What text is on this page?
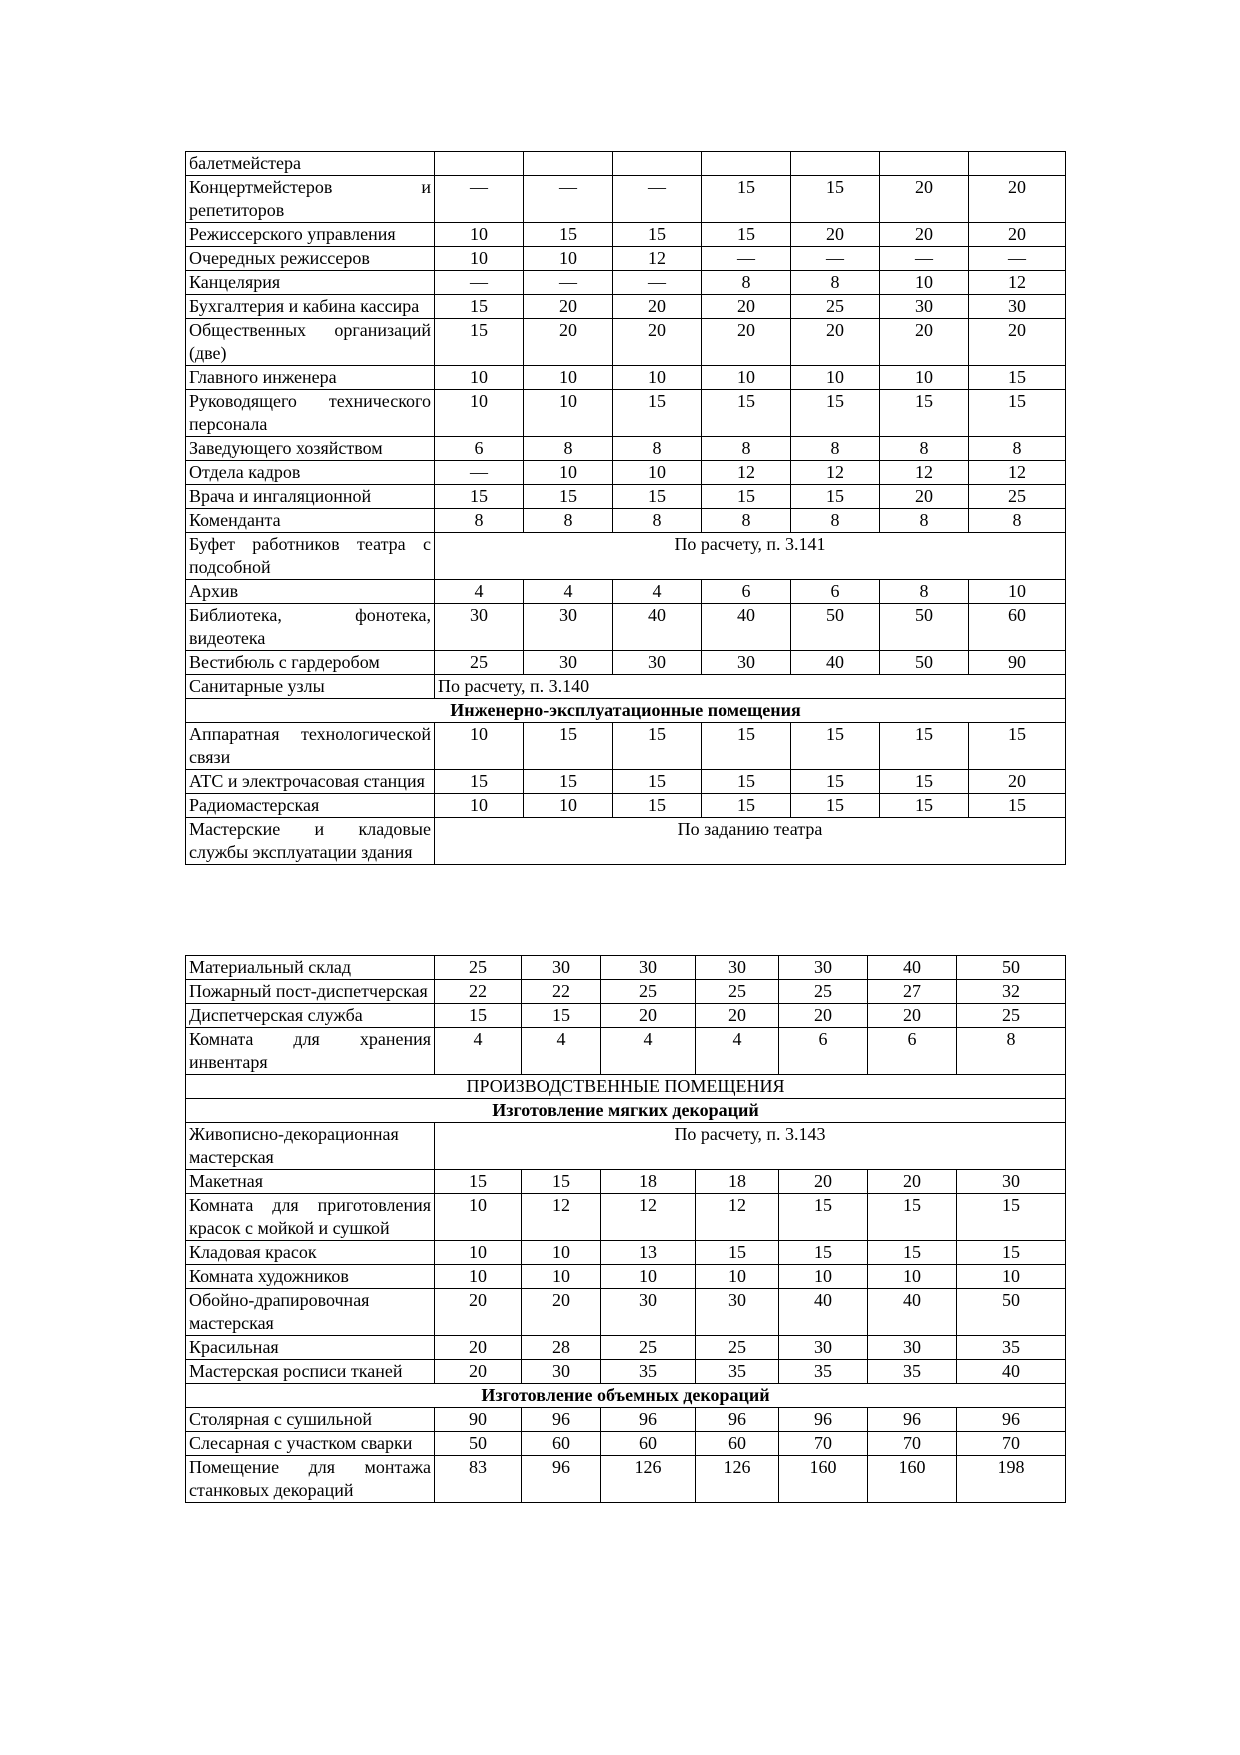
балетмейстера							
Концертмейстеров и репетиторов	—	—	—	15	15	20	20
Режиссерского управления	10	15	15	15	20	20	20
Очередных режиссеров	10	10	12	—	—	—	—
Канцелярия	—	—	—	8	8	10	12
Бухгалтерия и кабина кассира	15	20	20	20	25	30	30
Общественных организаций (две)	15	20	20	20	20	20	20
Главного инженера	10	10	10	10	10	10	15
Руководящего технического персонала	10	10	15	15	15	15	15
Заведующего хозяйством	6	8	8	8	8	8	8
Отдела кадров	—	10	10	12	12	12	12
Врача и ингаляционной	15	15	15	15	15	20	25
Коменданта	8	8	8	8	8	8	8
Буфет работников театра с подсобной	По расчету, п. 3.141						
Архив	4	4	4	6	6	8	10
Библиотека, фонотека, видеотека	30	30	40	40	50	50	60
Вестибюль с гардеробом	25	30	30	30	40	50	90
Санитарные узлы	По расчету, п. 3.140						
Инженерно-эксплуатационные помещения							
Аппаратная технологической связи	10	15	15	15	15	15	15
АТС и электрочасовая станция	15	15	15	15	15	15	20
Радиомастерская	10	10	15	15	15	15	15
Мастерские и кладовые службы эксплуатации здания	По заданию театра						
Материальный склад	25	30	30	30	30	40	50
Пожарный пост-диспетчерская	22	22	25	25	25	27	32
Диспетчерская служба	15	15	20	20	20	20	25
Комната для хранения инвентаря	4	4	4	4	6	6	8
ПРОИЗВОДСТВЕННЫЕ ПОМЕЩЕНИЯ							
Изготовление мягких декораций							
Живописно-декорационная мастерская	По расчету, п. 3.143						
Макетная	15	15	18	18	20	20	30
Комната для приготовления красок с мойкой и сушкой	10	12	12	12	15	15	15
Кладовая красок	10	10	13	15	15	15	15
Комната художников	10	10	10	10	10	10	10
Обойно-драпировочная мастерская	20	20	30	30	40	40	50
Красильная	20	28	25	25	30	30	35
Мастерская росписи тканей	20	30	35	35	35	35	40
Изготовление объемных декораций							
Столярная с сушильной	90	96	96	96	96	96	96
Слесарная с участком сварки	50	60	60	60	70	70	70
Помещение для монтажа станковых декораций	83	96	126	126	160	160	198
